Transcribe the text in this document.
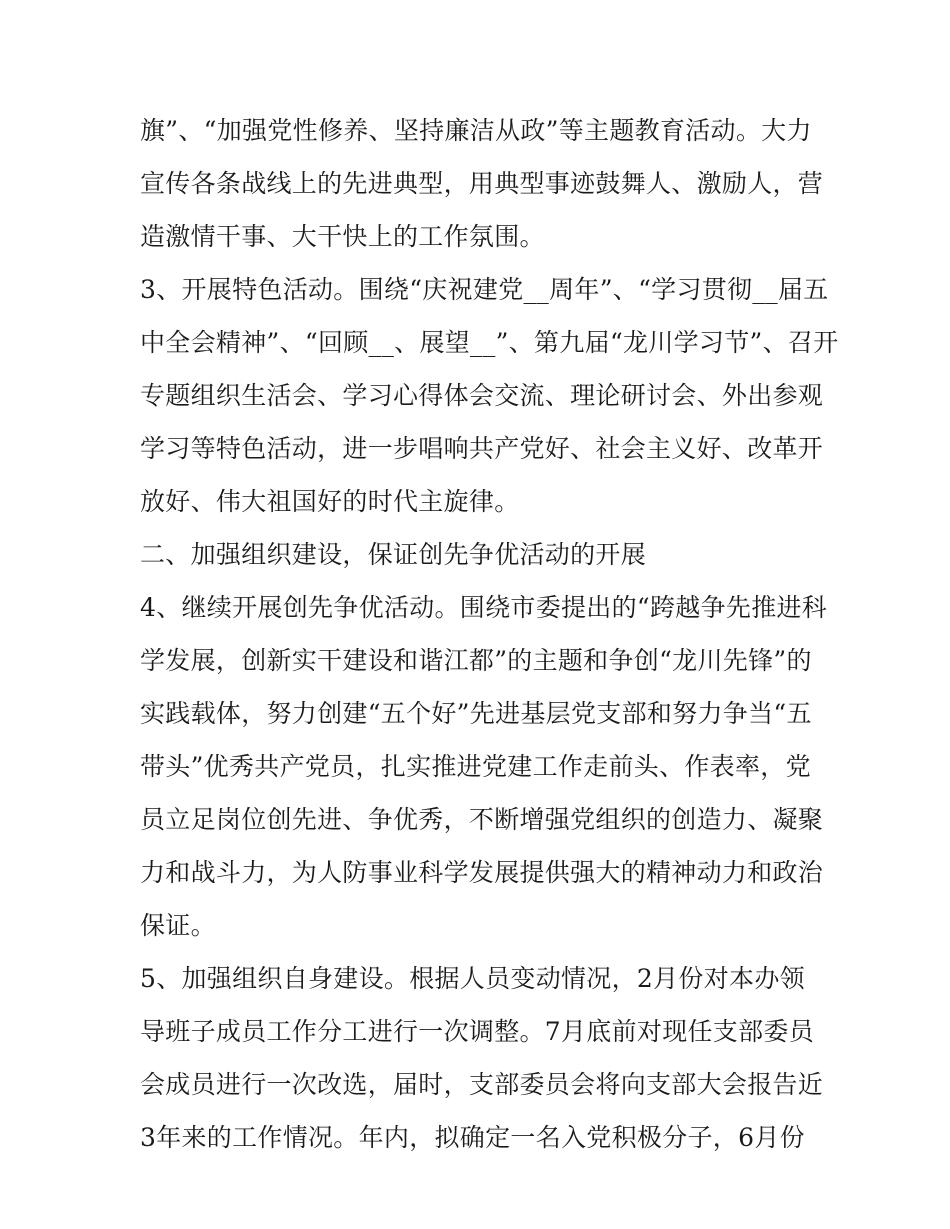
旗”、“加强党性修养、坚持廉洁从政”等主题教育活动。大力
宣传各条战线上的先进典型，用典型事迹鼓舞人、激励人，营
造激情干事、大干快上的工作氛围。
3、开展特色活动。围绕“庆祝建党__周年”、“学习贯彻__届五
中全会精神”、“回顾__、展望__”、第九届“龙川学习节”、召开
专题组织生活会、学习心得体会交流、理论研讨会、外出参观
学习等特色活动，进一步唱响共产党好、社会主义好、改革开
放好、伟大祖国好的时代主旋律。
二、加强组织建设，保证创先争优活动的开展
4、继续开展创先争优活动。围绕市委提出的“跨越争先推进科
学发展，创新实干建设和谐江都”的主题和争创“龙川先锋”的
实践载体，努力创建“五个好”先进基层党支部和努力争当“五
带头”优秀共产党员，扎实推进党建工作走前头、作表率，党
员立足岗位创先进、争优秀，不断增强党组织的创造力、凝聚
力和战斗力，为人防事业科学发展提供强大的精神动力和政治
保证。
5、加强组织自身建设。根据人员变动情况，2月份对本办领
导班子成员工作分工进行一次调整。7月底前对现任支部委员
会成员进行一次改选，届时，支部委员会将向支部大会报告近
3年来的工作情况。年内，拟确定一名入党积极分子，6月份
